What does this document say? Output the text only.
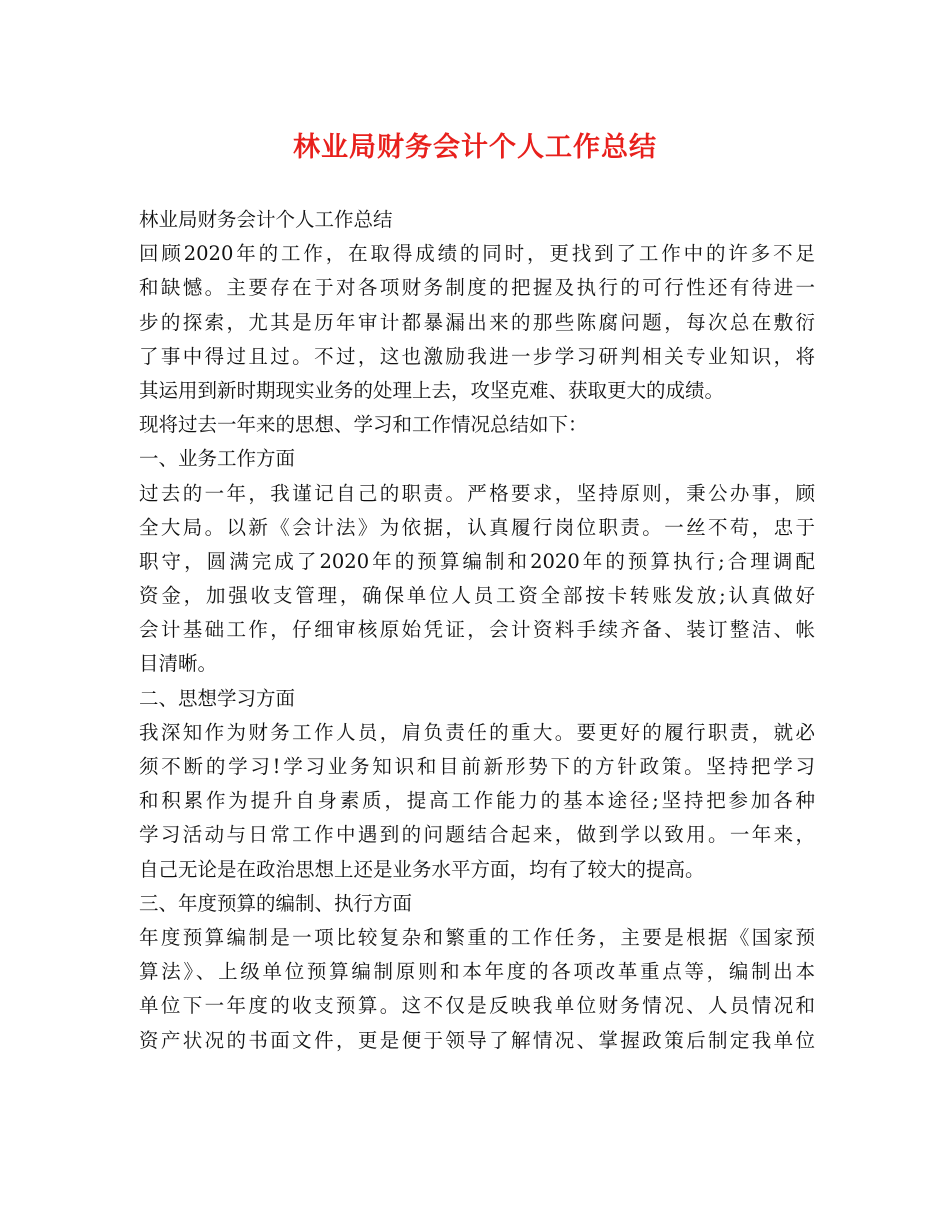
林业局财务会计个人工作总结
林业局财务会计个人工作总结
回顾2020年的工作，在取得成绩的同时，更找到了工作中的许多不足
和缺憾。主要存在于对各项财务制度的把握及执行的可行性还有待进一
步的探索，尤其是历年审计都暴漏出来的那些陈腐问题，每次总在敷衍
了事中得过且过。不过，这也激励我进一步学习研判相关专业知识，将
其运用到新时期现实业务的处理上去，攻坚克难、获取更大的成绩。
现将过去一年来的思想、学习和工作情况总结如下：
一、业务工作方面
过去的一年，我谨记自己的职责。严格要求，坚持原则，秉公办事，顾
全大局。以新《会计法》为依据，认真履行岗位职责。一丝不苟，忠于
职守，圆满完成了2020年的预算编制和2020年的预算执行;合理调配
资金，加强收支管理，确保单位人员工资全部按卡转账发放;认真做好
会计基础工作，仔细审核原始凭证，会计资料手续齐备、装订整洁、帐
目清晰。
二、思想学习方面
我深知作为财务工作人员，肩负责任的重大。要更好的履行职责，就必
须不断的学习!学习业务知识和目前新形势下的方针政策。坚持把学习
和积累作为提升自身素质，提高工作能力的基本途径;坚持把参加各种
学习活动与日常工作中遇到的问题结合起来，做到学以致用。一年来，
自己无论是在政治思想上还是业务水平方面，均有了较大的提高。
三、年度预算的编制、执行方面
年度预算编制是一项比较复杂和繁重的工作任务，主要是根据《国家预
算法》、上级单位预算编制原则和本年度的各项改革重点等，编制出本
单位下一年度的收支预算。这不仅是反映我单位财务情况、人员情况和
资产状况的书面文件，更是便于领导了解情况、掌握政策后制定我单位
